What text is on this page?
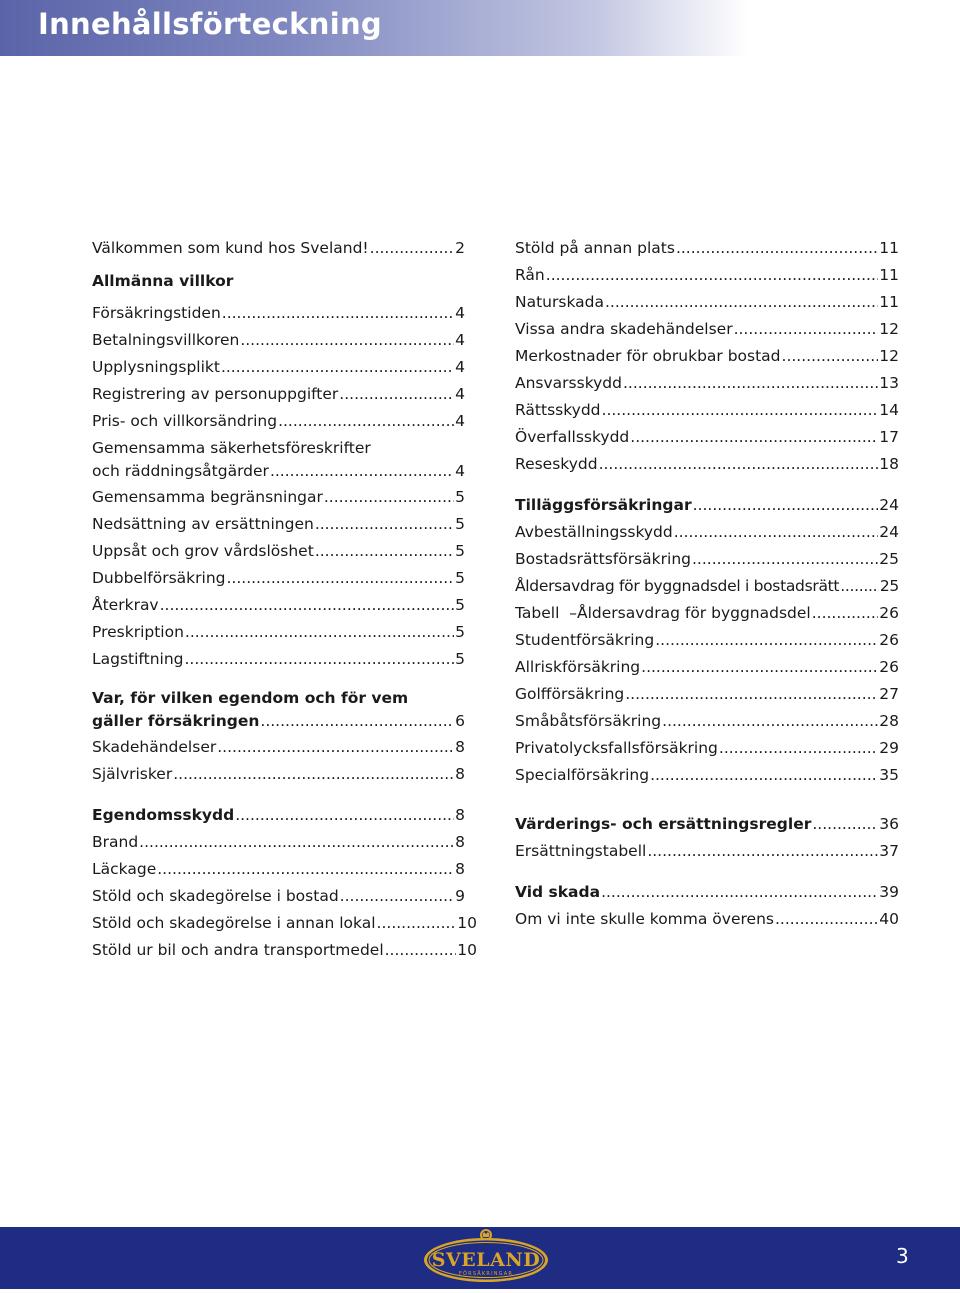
Innehållsförteckning
Välkommen som kund hos Sveland! .....	2
Allmänna villkor
Försäkringstiden .....	4
Betalningsvillkoren .....	4
Upplysningsplikt .....	4
Registrering av personuppgifter .....	4
Pris- och villkorsändring .....	4
Gemensamma säkerhetsföreskrifter
och räddningsåtgärder .....	4
Gemensamma begränsningar .....	5
Nedsättning av ersättningen .....	5
Uppsåt och grov vårdslöshet .....	5
Dubbelförsäkring .....	5
Återkrav .....	5
Preskription .....	5
Lagstiftning .....	5
Var, för vilken egendom och för vem
gäller försäkringen .....	6
Skadehändelser .....	8
Självrisker .....	8
Egendomsskydd .....	8
Brand .....	8
Läckage .....	8
Stöld och skadegörelse i bostad .....	9
Stöld och skadegörelse i annan lokal .....	10
Stöld ur bil och andra transportmedel .....	10
Stöld på annan plats .....	11
Rån .....	11
Naturskada .....	11
Vissa andra skadehändelser .....	12
Merkostnader för obrukbar bostad .....	12
Ansvarsskydd .....	13
Rättsskydd .....	14
Överfallsskydd .....	17
Reseskydd .....	18
Tilläggsförsäkringar .....	24
Avbeställningsskydd .....	24
Bostadsrättsförsäkring .....	25
Åldersavdrag för byggnadsdel i bostadsrätt .....	25
Tabell  –Åldersavdrag för byggnadsdel .....	26
Studentförsäkring .....	26
Allriskförsäkring .....	26
Golfförsäkring .....	27
Småbåtsförsäkring .....	28
Privatolycksfallsförsäkring .....	29
Specialförsäkring .....	35
Värderings- och ersättningsregler .....	36
Ersättningstabell .....	37
Vid skada .....	39
Om vi inte skulle komma överens .....	40
SVELAND
FÖRSÄKRINGAR
3
